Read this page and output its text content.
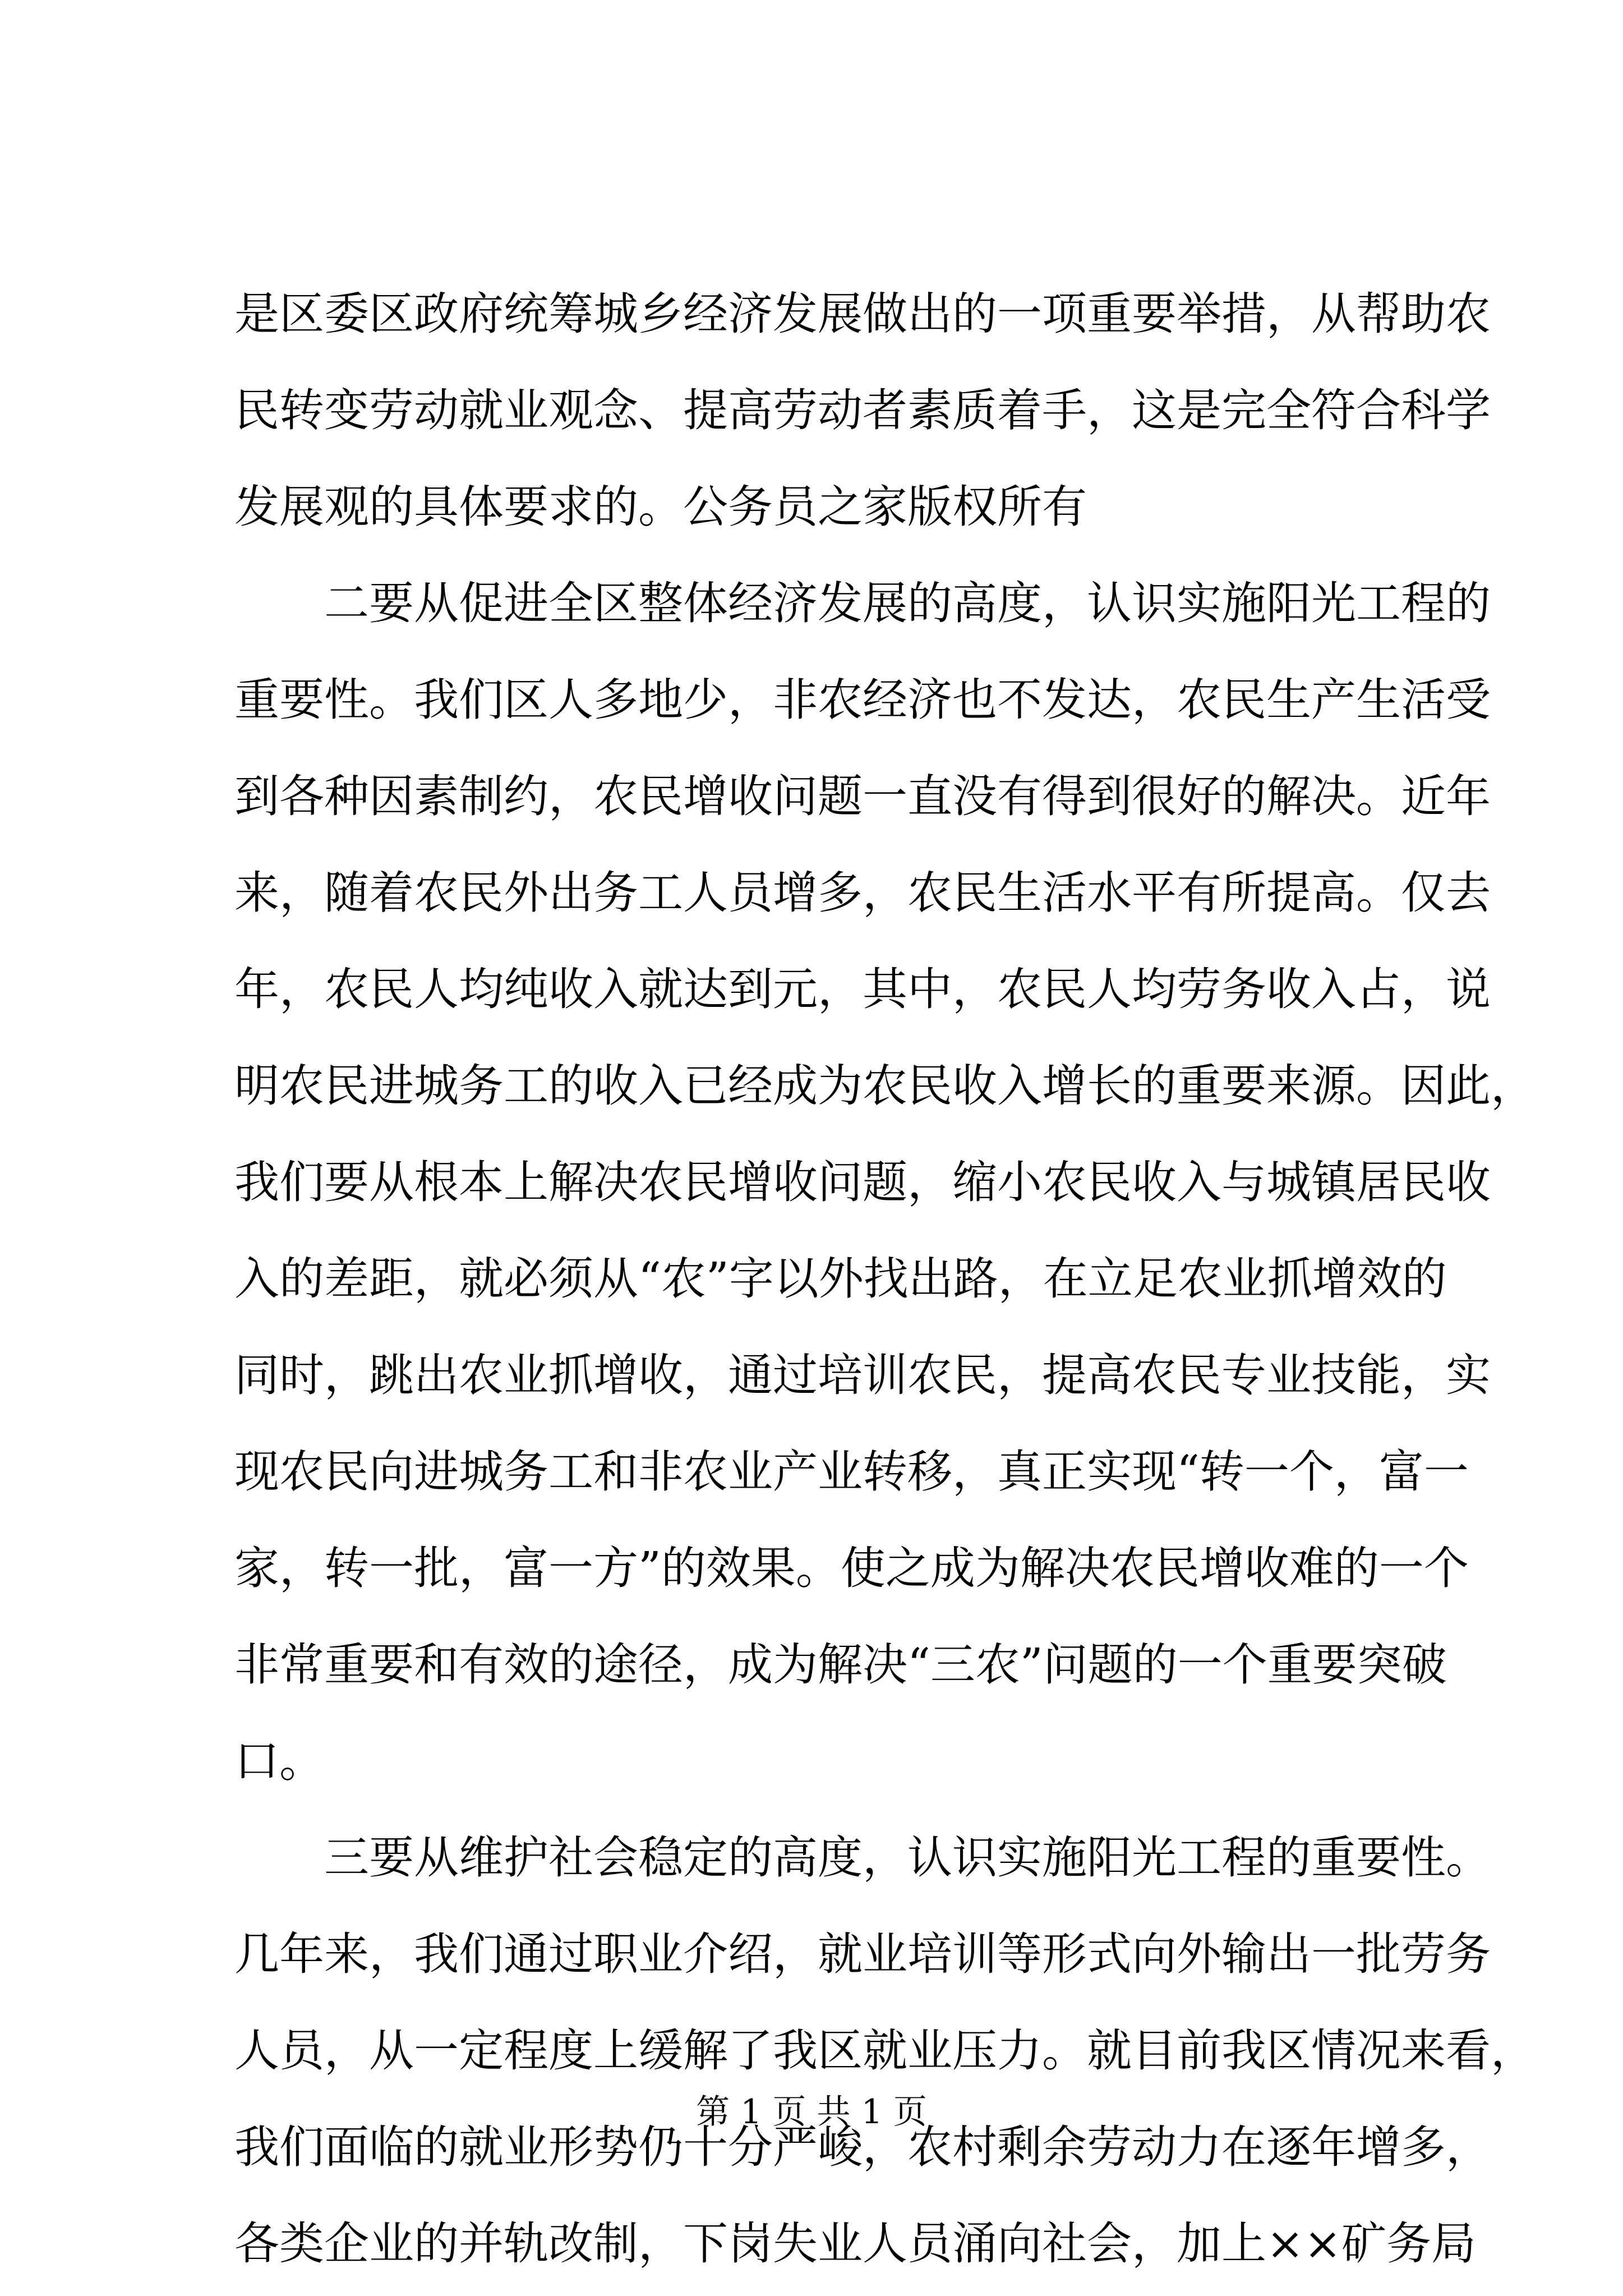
是区委区政府统筹城乡经济发展做出的一项重要举措，从帮助农
民转变劳动就业观念、提高劳动者素质着手，这是完全符合科学
发展观的具体要求的。公务员之家版权所有
二要从促进全区整体经济发展的高度，认识实施阳光工程的
重要性。我们区人多地少，非农经济也不发达，农民生产生活受
到各种因素制约，农民增收问题一直没有得到很好的解决。近年
来，随着农民外出务工人员增多，农民生活水平有所提高。仅去
年，农民人均纯收入就达到元，其中，农民人均劳务收入占，说
明农民进城务工的收入已经成为农民收入增长的重要来源。因此，
我们要从根本上解决农民增收问题，缩小农民收入与城镇居民收
入的差距，就必须从“农”字以外找出路，在立足农业抓增效的
同时，跳出农业抓增收，通过培训农民，提高农民专业技能，实
现农民向进城务工和非农业产业转移，真正实现“转一个，富一
家，转一批，富一方”的效果。使之成为解决农民增收难的一个
非常重要和有效的途径，成为解决“三农”问题的一个重要突破
口。
三要从维护社会稳定的高度，认识实施阳光工程的重要性。
几年来，我们通过职业介绍，就业培训等形式向外输出一批劳务
人员，从一定程度上缓解了我区就业压力。就目前我区情况来看，
我们面临的就业形势仍十分严峻，农村剩余劳动力在逐年增多，
各类企业的并轨改制，下岗失业人员涌向社会，加上××矿务局
第 1 页 共 1 页
